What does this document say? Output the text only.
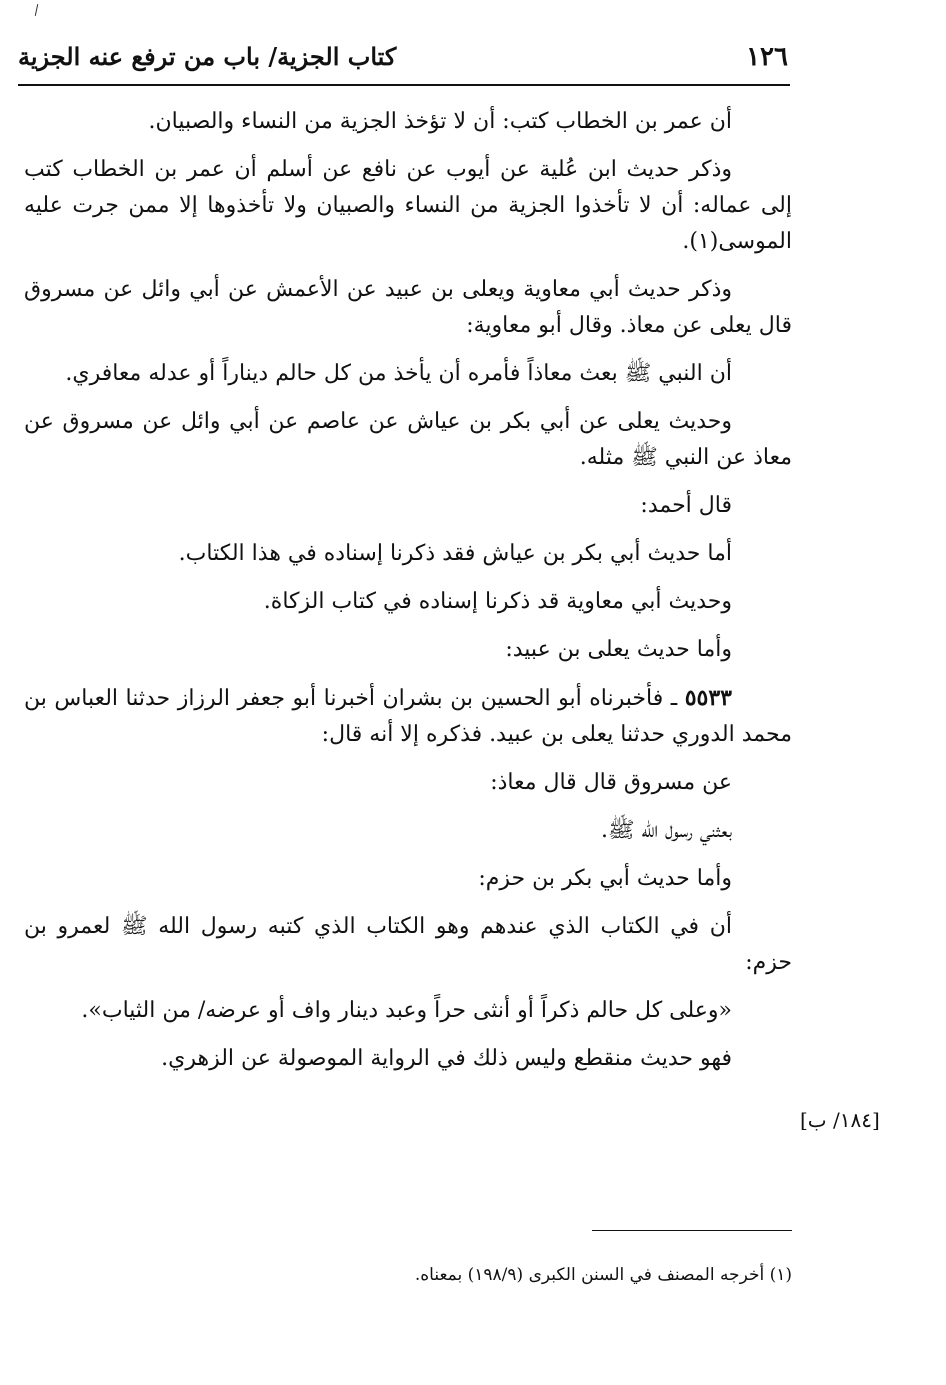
١٢٦
كتاب الجزية/ باب من ترفع عنه الجزية

أن عمر بن الخطاب كتب: أن لا تؤخذ الجزية من النساء والصبيان.

وذكر حديث ابن عُلية عن أيوب عن نافع عن أسلم أن عمر بن الخطاب كتب إلى عماله: أن لا تأخذوا الجزية من النساء والصبيان ولا تأخذوها إلا ممن جرت عليه الموسى(١).

وذكر حديث أبي معاوية ويعلى بن عبيد عن الأعمش عن أبي وائل عن مسروق قال يعلى عن معاذ. وقال أبو معاوية:

أن النبي ﷺ بعث معاذاً فأمره أن يأخذ من كل حالم ديناراً أو عدله معافري.

وحديث يعلى عن أبي بكر بن عياش عن عاصم عن أبي وائل عن مسروق عن معاذ عن النبي ﷺ مثله.

قال أحمد:

أما حديث أبي بكر بن عياش فقد ذكرنا إسناده في هذا الكتاب.

وحديث أبي معاوية قد ذكرنا إسناده في كتاب الزكاة.

وأما حديث يعلى بن عبيد:

٥٥٣٣ ـ فأخبرناه أبو الحسين بن بشران أخبرنا أبو جعفر الرزاز حدثنا العباس بن محمد الدوري حدثنا يعلى بن عبيد. فذكره إلا أنه قال:

عن مسروق قال قال معاذ:

بعثني رسول الله ﷺ.

وأما حديث أبي بكر بن حزم:

أن في الكتاب الذي عندهم وهو الكتاب الذي كتبه رسول الله ﷺ لعمرو بن حزم:

«وعلى كل حالم ذكراً أو أنثى حراً وعبد دينار واف أو عرضه/ من الثياب».

فهو حديث منقطع وليس ذلك في الرواية الموصولة عن الزهري.

[١٨٤/ ب]
(١) أخرجه المصنف في السنن الكبرى (١٩٨/٩) بمعناه.
